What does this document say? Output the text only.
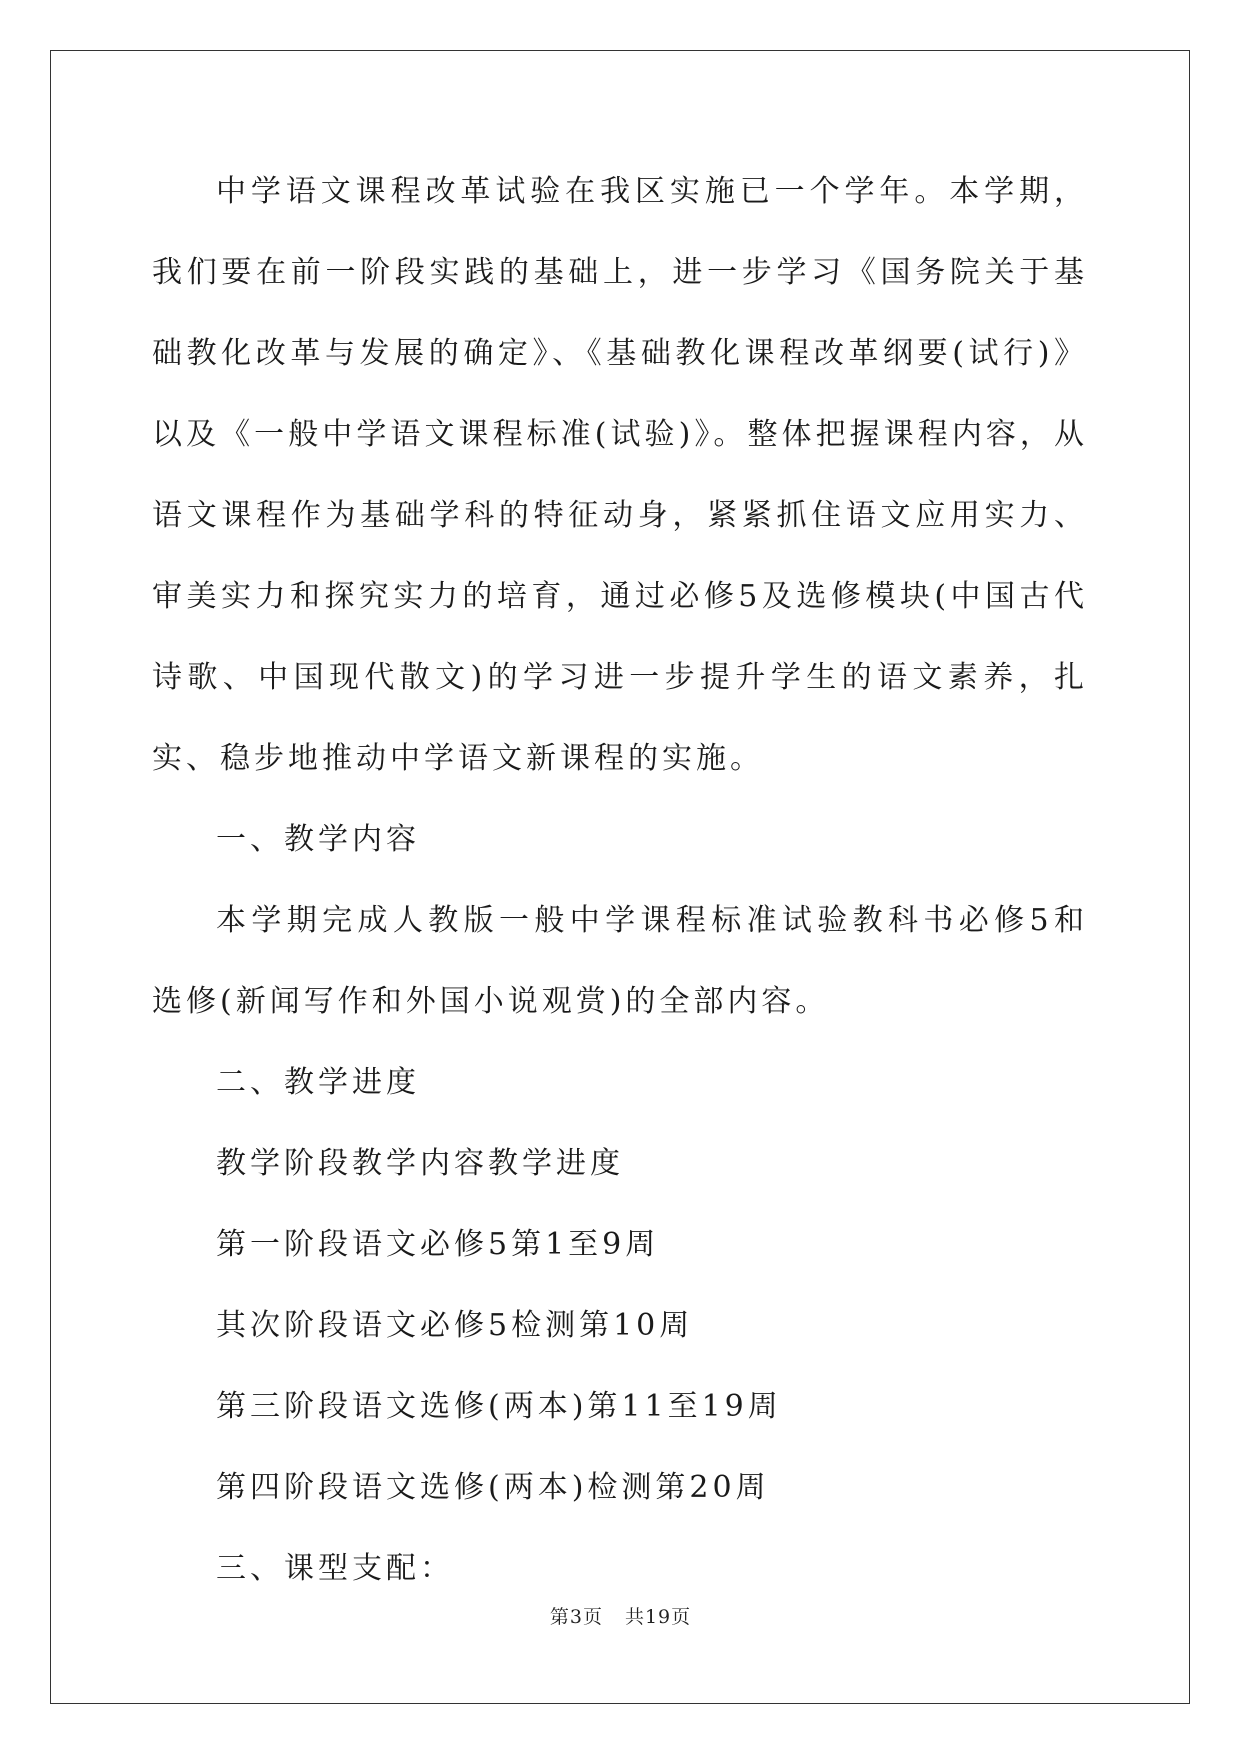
中学语文课程改革试验在我区实施已一个学年。本学期，我们要在前一阶段实践的基础上，进一步学习《国务院关于基础教化改革与发展的确定》、《基础教化课程改革纲要(试行)》以及《一般中学语文课程标准(试验)》。整体把握课程内容，从语文课程作为基础学科的特征动身，紧紧抓住语文应用实力、审美实力和探究实力的培育，通过必修5及选修模块(中国古代诗歌、中国现代散文)的学习进一步提升学生的语文素养，扎实、稳步地推动中学语文新课程的实施。

一、教学内容

本学期完成人教版一般中学课程标准试验教科书必修5和选修(新闻写作和外国小说观赏)的全部内容。

二、教学进度

教学阶段教学内容教学进度

第一阶段语文必修5第1至9周

其次阶段语文必修5检测第10周

第三阶段语文选修(两本)第11至19周

第四阶段语文选修(两本)检测第20周

三、课型支配：

第3页 共19页
